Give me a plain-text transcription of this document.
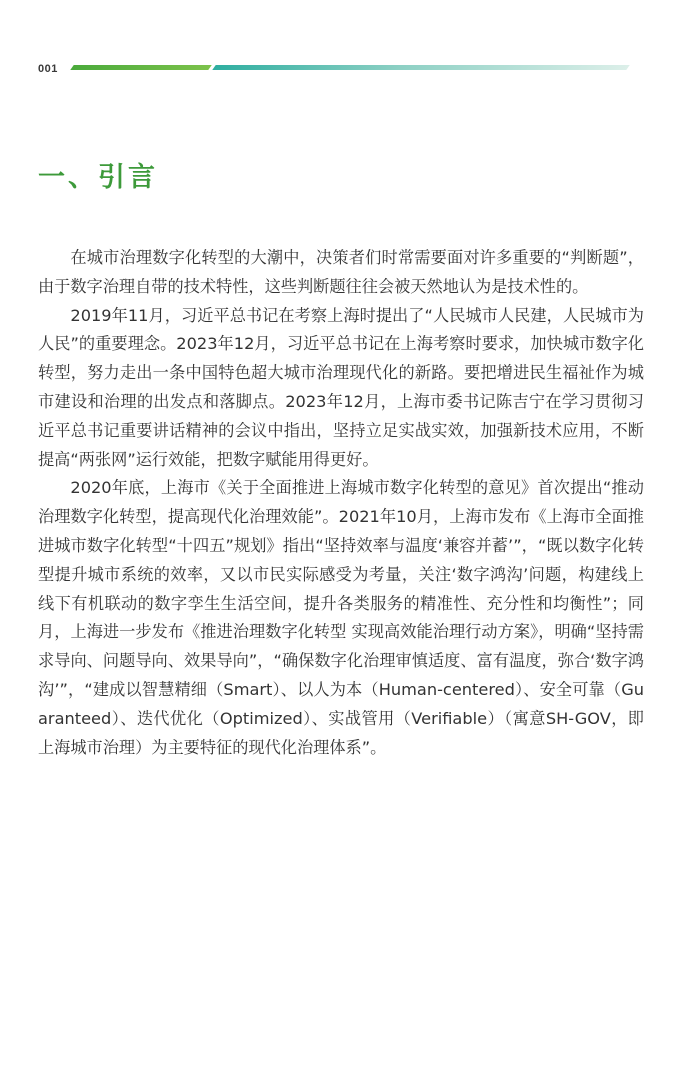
001
一、引言

在城市治理数字化转型的大潮中，决策者们时常需要面对许多重要的“判断题”，由于数字治理自带的技术特性，这些判断题往往会被天然地认为是技术性的。

2019年11月，习近平总书记在考察上海时提出了“人民城市人民建，人民城市为人民”的重要理念。2023年12月，习近平总书记在上海考察时要求，加快城市数字化转型，努力走出一条中国特色超大城市治理现代化的新路。要把增进民生福祉作为城市建设和治理的出发点和落脚点。2023年12月，上海市委书记陈吉宁在学习贯彻习近平总书记重要讲话精神的会议中指出，坚持立足实战实效，加强新技术应用，不断提高“两张网”运行效能，把数字赋能用得更好。

2020年底，上海市《关于全面推进上海城市数字化转型的意见》首次提出“推动治理数字化转型，提高现代化治理效能”。2021年10月，上海市发布《上海市全面推进城市数字化转型“十四五”规划》指出“坚持效率与温度‘兼容并蓄’”，“既以数字化转型提升城市系统的效率，又以市民实际感受为考量，关注‘数字鸿沟’问题，构建线上线下有机联动的数字孪生生活空间，提升各类服务的精准性、充分性和均衡性”；同月，上海进一步发布《推进治理数字化转型 实现高效能治理行动方案》，明确“坚持需求导向、问题导向、效果导向”，“确保数字化治理审慎适度、富有温度，弥合‘数字鸿沟’”，“建成以智慧精细（Smart）、以人为本（Human-centered）、安全可靠（Guaranteed）、迭代优化（Optimized）、实战管用（Verifiable）（寓意SH-GOV，即上海城市治理）为主要特征的现代化治理体系”。
